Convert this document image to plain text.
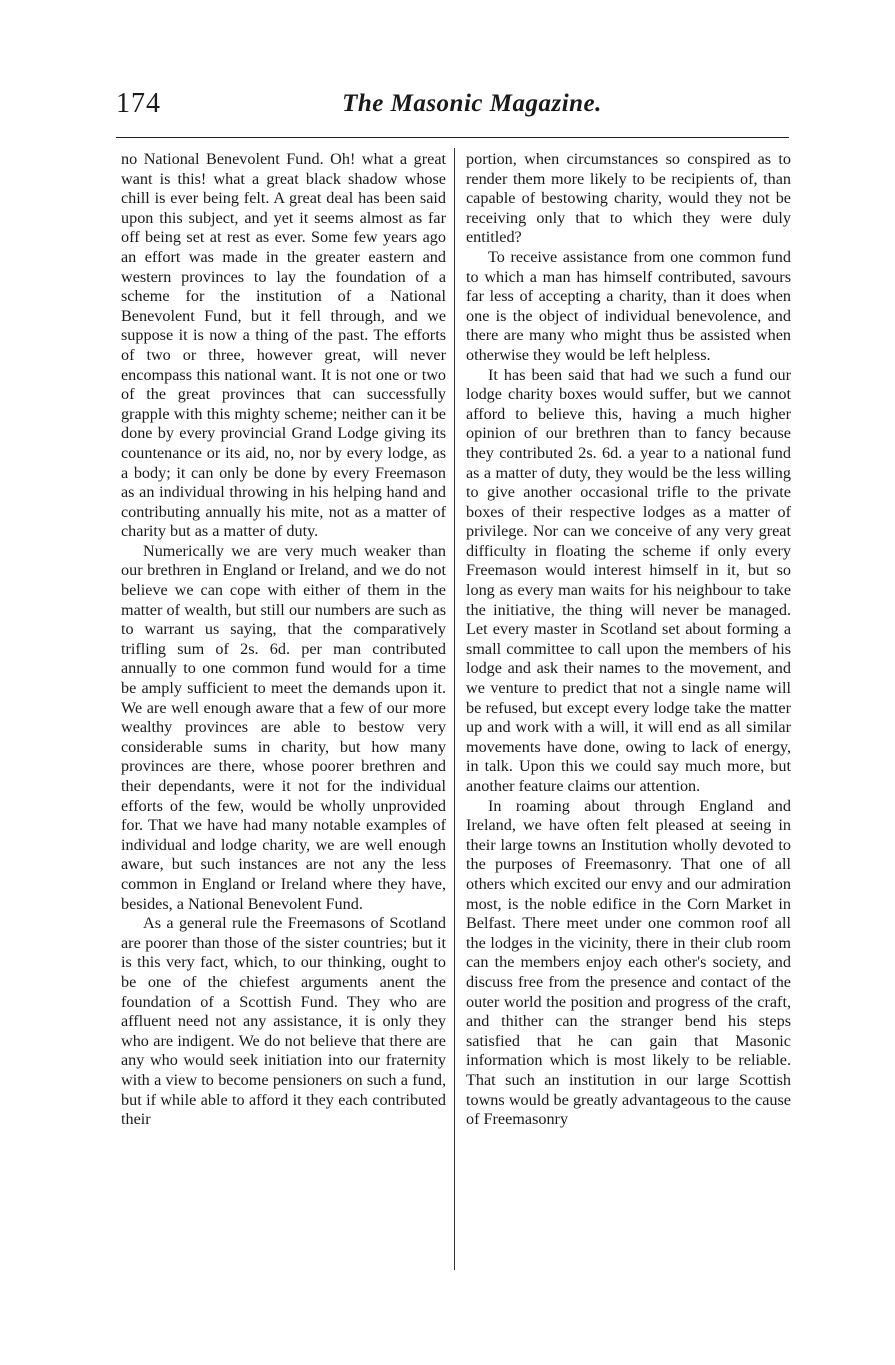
174	The Masonic Magazine.

no National Benevolent Fund. Oh! what a great want is this! what a great black shadow whose chill is ever being felt. A great deal has been said upon this subject, and yet it seems almost as far off being set at rest as ever. Some few years ago an effort was made in the greater eastern and western provinces to lay the foundation of a scheme for the institution of a National Benevolent Fund, but it fell through, and we suppose it is now a thing of the past. The efforts of two or three, however great, will never encompass this national want. It is not one or two of the great provinces that can successfully grapple with this mighty scheme; neither can it be done by every provincial Grand Lodge giving its countenance or its aid, no, nor by every lodge, as a body; it can only be done by every Freemason as an individual throwing in his helping hand and contributing annually his mite, not as a matter of charity but as a matter of duty.

Numerically we are very much weaker than our brethren in England or Ireland, and we do not believe we can cope with either of them in the matter of wealth, but still our numbers are such as to warrant us saying, that the comparatively trifling sum of 2s. 6d. per man contributed annually to one common fund would for a time be amply sufficient to meet the demands upon it. We are well enough aware that a few of our more wealthy provinces are able to bestow very considerable sums in charity, but how many provinces are there, whose poorer brethren and their dependants, were it not for the individual efforts of the few, would be wholly unprovided for. That we have had many notable examples of individual and lodge charity, we are well enough aware, but such instances are not any the less common in England or Ireland where they have, besides, a National Benevolent Fund.

As a general rule the Freemasons of Scotland are poorer than those of the sister countries; but it is this very fact, which, to our thinking, ought to be one of the chiefest arguments anent the foundation of a Scottish Fund. They who are affluent need not any assistance, it is only they who are indigent. We do not believe that there are any who would seek initiation into our fraternity with a view to become pensioners on such a fund, but if while able to afford it they each contributed their

portion, when circumstances so conspired as to render them more likely to be recipients of, than capable of bestowing charity, would they not be receiving only that to which they were duly entitled?

To receive assistance from one common fund to which a man has himself contributed, savours far less of accepting a charity, than it does when one is the object of individual benevolence, and there are many who might thus be assisted when otherwise they would be left helpless.

It has been said that had we such a fund our lodge charity boxes would suffer, but we cannot afford to believe this, having a much higher opinion of our brethren than to fancy because they contributed 2s. 6d. a year to a national fund as a matter of duty, they would be the less willing to give another occasional trifle to the private boxes of their respective lodges as a matter of privilege. Nor can we conceive of any very great difficulty in floating the scheme if only every Freemason would interest himself in it, but so long as every man waits for his neighbour to take the initiative, the thing will never be managed. Let every master in Scotland set about forming a small committee to call upon the members of his lodge and ask their names to the movement, and we venture to predict that not a single name will be refused, but except every lodge take the matter up and work with a will, it will end as all similar movements have done, owing to lack of energy, in talk. Upon this we could say much more, but another feature claims our attention.

In roaming about through England and Ireland, we have often felt pleased at seeing in their large towns an Institution wholly devoted to the purposes of Freemasonry. That one of all others which excited our envy and our admiration most, is the noble edifice in the Corn Market in Belfast. There meet under one common roof all the lodges in the vicinity, there in their club room can the members enjoy each other's society, and discuss free from the presence and contact of the outer world the position and progress of the craft, and thither can the stranger bend his steps satisfied that he can gain that Masonic information which is most likely to be reliable. That such an institution in our large Scottish towns would be greatly advantageous to the cause of Freemasonry
